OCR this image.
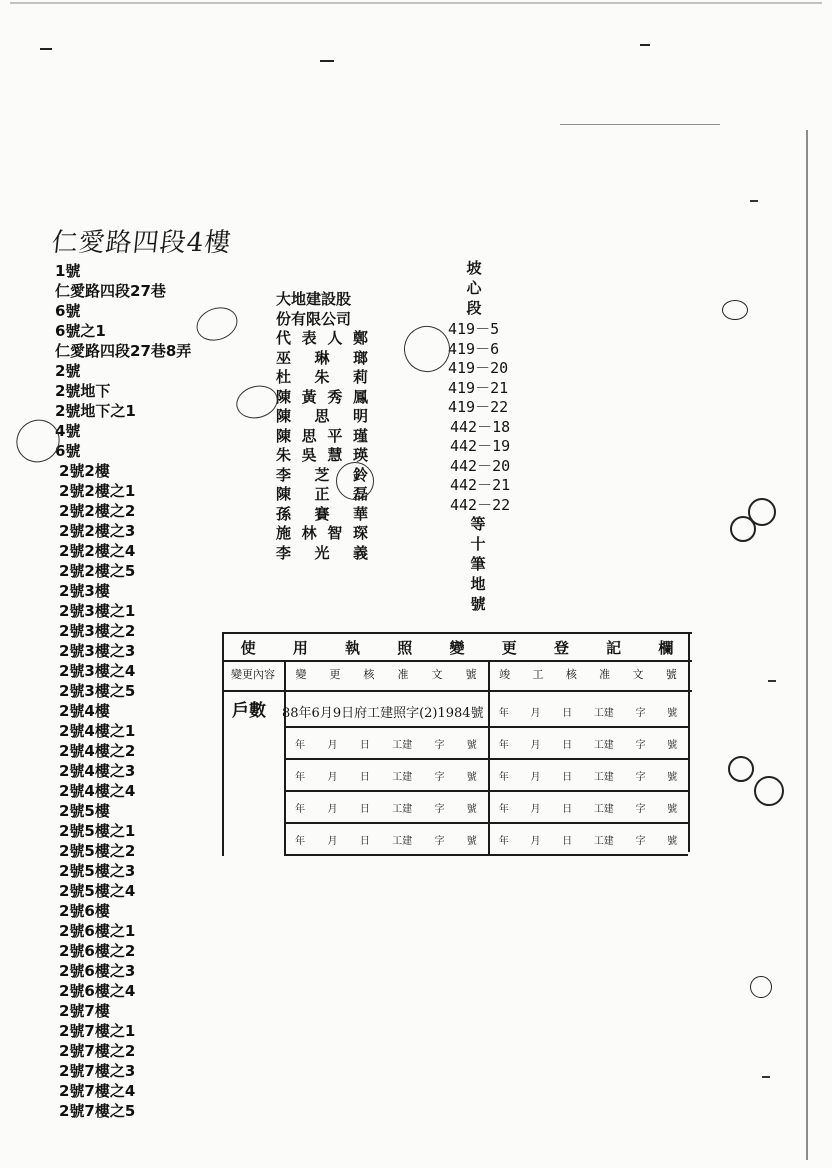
仁愛路四段4樓
1號
仁愛路四段27巷
6號
6號之1
仁愛路四段27巷8弄
2號
2號地下
2號地下之1
4號
6號
2號2樓
2號2樓之1
2號2樓之2
2號2樓之3
2號2樓之4
2號2樓之5
2號3樓
2號3樓之1
2號3樓之2
2號3樓之3
2號3樓之4
2號3樓之5
2號4樓
2號4樓之1
2號4樓之2
2號4樓之3
2號4樓之4
2號5樓
2號5樓之1
2號5樓之2
2號5樓之3
2號5樓之4
2號6樓
2號6樓之1
2號6樓之2
2號6樓之3
2號6樓之4
2號7樓
2號7樓之1
2號7樓之2
2號7樓之3
2號7樓之4
2號7樓之5
大地建設股
份有限公司
代 表 人 鄭
巫 琳 瑯
杜 朱 莉
陳 黃 秀 鳳
陳 思 明
陳 思 平 瑾
朱 吳 慧 瑛
李 芝 鈴
陳 正 磊
孫 賽 華
施 林 智 琛
李 光 義
坡
心
段
419－5
419－6
419－20
419－21
419－22
442－18
442－19
442－20
442－21
442－22
等
十
筆
地
號
使 用 執 照 變 更 登 記 欄
變更內容 變 更 核 准 文 號 竣 工 核 准 文 號
戶數 88年6月9日府工建照字(2)1984號 年 月 日 工建 字 號
年 月 日 工建 字 號 年 月 日 工建 字 號
年 月 日 工建 字 號 年 月 日 工建 字 號
年 月 日 工建 字 號 年 月 日 工建 字 號
年 月 日 工建 字 號 年 月 日 工建 字 號
